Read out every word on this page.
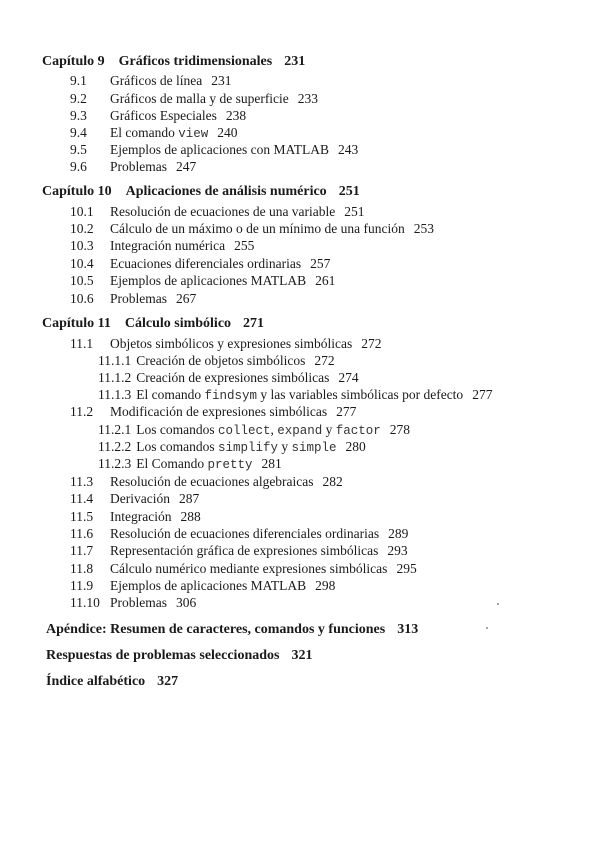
Capítulo 9 Gráficos tridimensionales 231
9.1 Gráficos de línea 231
9.2 Gráficos de malla y de superficie 233
9.3 Gráficos Especiales 238
9.4 El comando view 240
9.5 Ejemplos de aplicaciones con MATLAB 243
9.6 Problemas 247
Capítulo 10 Aplicaciones de análisis numérico 251
10.1 Resolución de ecuaciones de una variable 251
10.2 Cálculo de un máximo o de un mínimo de una función 253
10.3 Integración numérica 255
10.4 Ecuaciones diferenciales ordinarias 257
10.5 Ejemplos de aplicaciones MATLAB 261
10.6 Problemas 267
Capítulo 11 Cálculo simbólico 271
11.1 Objetos simbólicos y expresiones simbólicas 272
11.1.1 Creación de objetos simbólicos 272
11.1.2 Creación de expresiones simbólicas 274
11.1.3 El comando findsym y las variables simbólicas por defecto 277
11.2 Modificación de expresiones simbólicas 277
11.2.1 Los comandos collect, expand y factor 278
11.2.2 Los comandos simplify y simple 280
11.2.3 El Comando pretty 281
11.3 Resolución de ecuaciones algebraicas 282
11.4 Derivación 287
11.5 Integración 288
11.6 Resolución de ecuaciones diferenciales ordinarias 289
11.7 Representación gráfica de expresiones simbólicas 293
11.8 Cálculo numérico mediante expresiones simbólicas 295
11.9 Ejemplos de aplicaciones MATLAB 298
11.10 Problemas 306
Apéndice: Resumen de caracteres, comandos y funciones 313
Respuestas de problemas seleccionados 321
Índice alfabético 327
